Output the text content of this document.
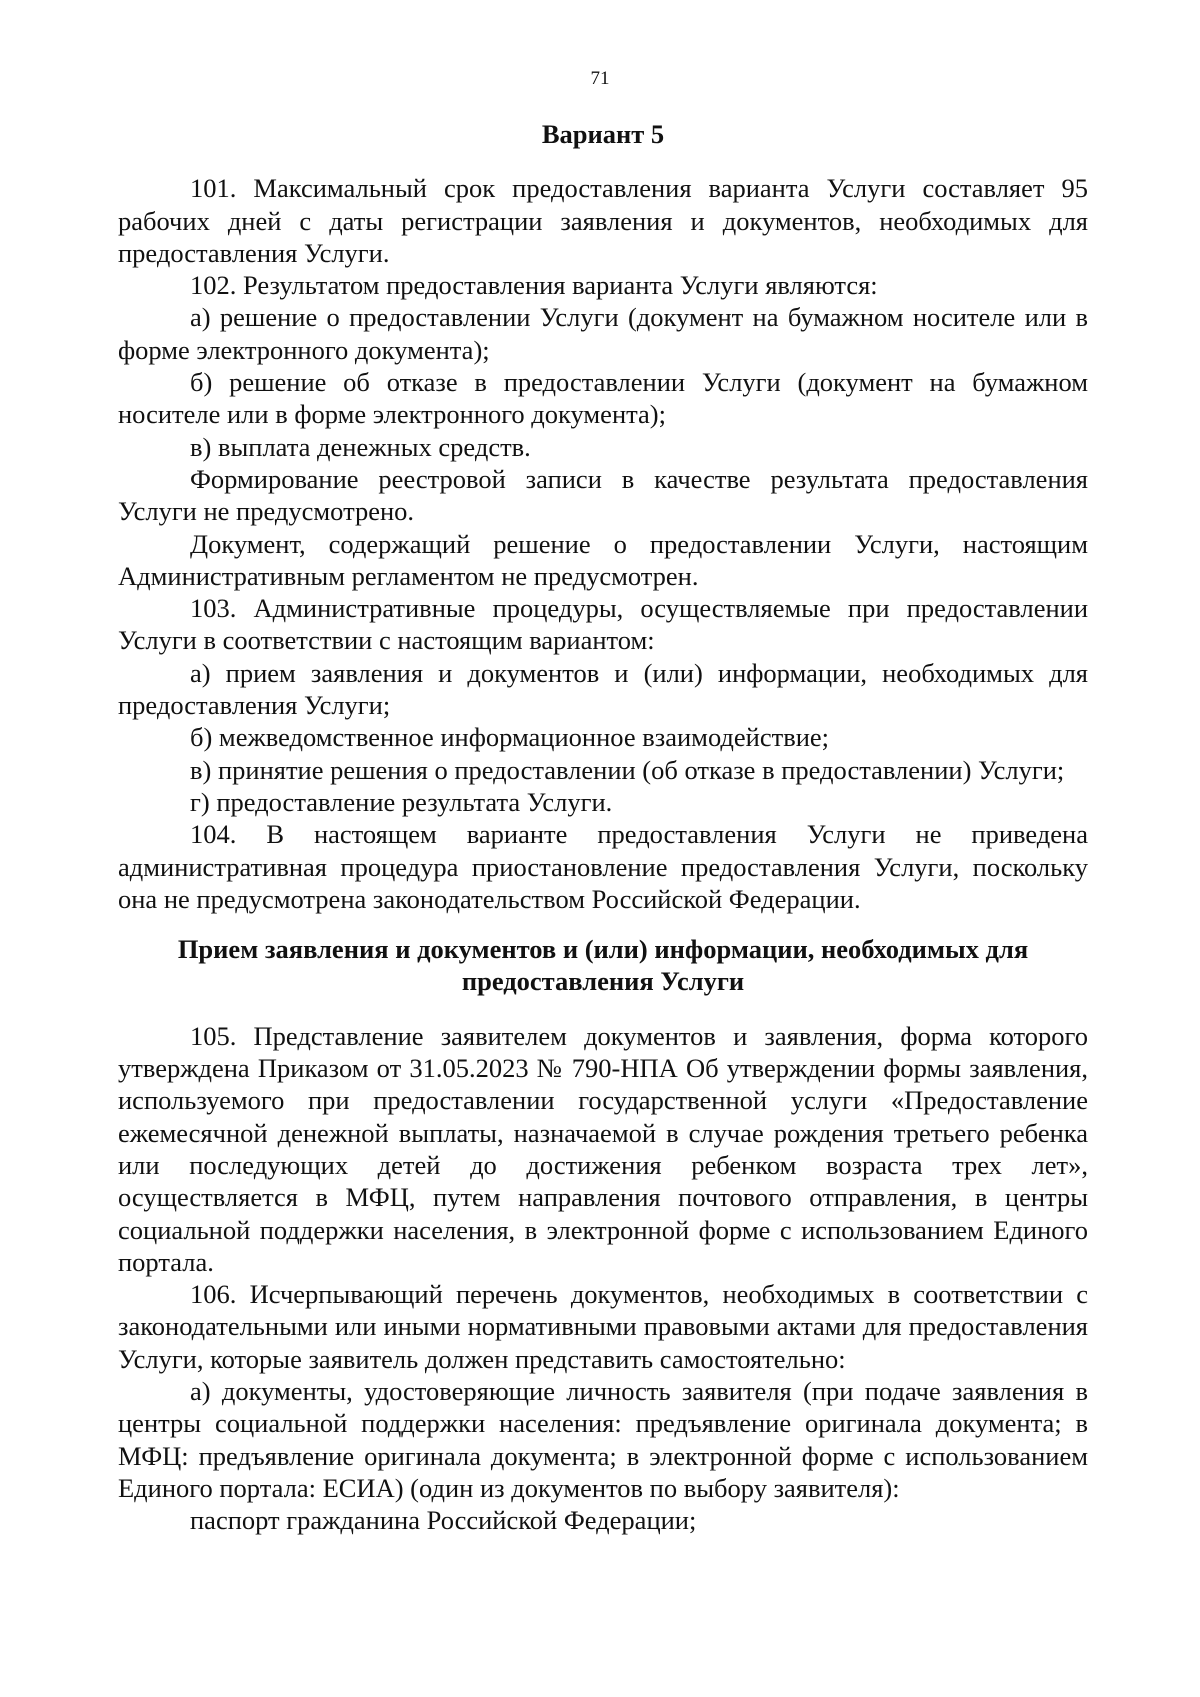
71
Вариант 5

101. Максимальный срок предоставления варианта Услуги составляет 95 рабочих дней с даты регистрации заявления и документов, необходимых для предоставления Услуги.

102. Результатом предоставления варианта Услуги являются:

а) решение о предоставлении Услуги (документ на бумажном носителе или в форме электронного документа);

б) решение об отказе в предоставлении Услуги (документ на бумажном носителе или в форме электронного документа);

в) выплата денежных средств.

Формирование реестровой записи в качестве результата предоставления Услуги не предусмотрено.

Документ, содержащий решение о предоставлении Услуги, настоящим Административным регламентом не предусмотрен.

103. Административные процедуры, осуществляемые при предоставлении Услуги в соответствии с настоящим вариантом:

а) прием заявления и документов и (или) информации, необходимых для предоставления Услуги;

б) межведомственное информационное взаимодействие;

в) принятие решения о предоставлении (об отказе в предоставлении) Услуги;

г) предоставление результата Услуги.

104. В настоящем варианте предоставления Услуги не приведена административная процедура приостановление предоставления Услуги, поскольку она не предусмотрена законодательством Российской Федерации.

Прием заявления и документов и (или) информации, необходимых для предоставления Услуги

105. Представление заявителем документов и заявления, форма которого утверждена Приказом от 31.05.2023 № 790-НПА Об утверждении формы заявления, используемого при предоставлении государственной услуги «Предоставление ежемесячной денежной выплаты, назначаемой в случае рождения третьего ребенка или последующих детей до достижения ребенком возраста трех лет», осуществляется в МФЦ, путем направления почтового отправления, в центры социальной поддержки населения, в электронной форме с использованием Единого портала.

106. Исчерпывающий перечень документов, необходимых в соответствии с законодательными или иными нормативными правовыми актами для предоставления Услуги, которые заявитель должен представить самостоятельно:

а) документы, удостоверяющие личность заявителя (при подаче заявления в центры социальной поддержки населения: предъявление оригинала документа; в МФЦ: предъявление оригинала документа; в электронной форме с использованием Единого портала: ЕСИА) (один из документов по выбору заявителя):

паспорт гражданина Российской Федерации;
